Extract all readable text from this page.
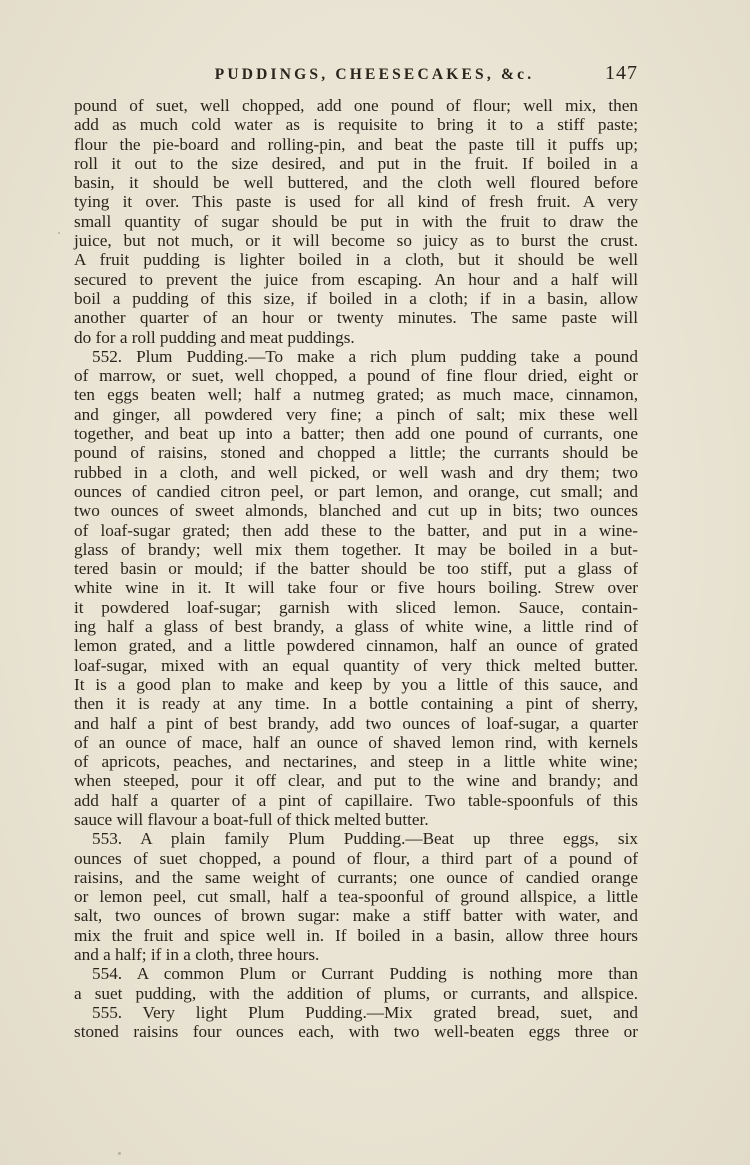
PUDDINGS, CHEESECAKES, &c.	147
pound of suet, well chopped, add one pound of flour; well mix, then
add as much cold water as is requisite to bring it to a stiff paste;
flour the pie-board and rolling-pin, and beat the paste till it puffs up;
roll it out to the size desired, and put in the fruit. If boiled in a
basin, it should be well buttered, and the cloth well floured before
tying it over. This paste is used for all kind of fresh fruit. A very
small quantity of sugar should be put in with the fruit to draw the
juice, but not much, or it will become so juicy as to burst the crust.
A fruit pudding is lighter boiled in a cloth, but it should be well
secured to prevent the juice from escaping. An hour and a half will
boil a pudding of this size, if boiled in a cloth; if in a basin, allow
another quarter of an hour or twenty minutes. The same paste will
do for a roll pudding and meat puddings.
552. Plum Pudding.—To make a rich plum pudding take a pound
of marrow, or suet, well chopped, a pound of fine flour dried, eight or
ten eggs beaten well; half a nutmeg grated; as much mace, cinnamon,
and ginger, all powdered very fine; a pinch of salt; mix these well
together, and beat up into a batter; then add one pound of currants, one
pound of raisins, stoned and chopped a little; the currants should be
rubbed in a cloth, and well picked, or well wash and dry them; two
ounces of candied citron peel, or part lemon, and orange, cut small; and
two ounces of sweet almonds, blanched and cut up in bits; two ounces
of loaf-sugar grated; then add these to the batter, and put in a wine-
glass of brandy; well mix them together. It may be boiled in a but-
tered basin or mould; if the batter should be too stiff, put a glass of
white wine in it. It will take four or five hours boiling. Strew over
it powdered loaf-sugar; garnish with sliced lemon. Sauce, contain-
ing half a glass of best brandy, a glass of white wine, a little rind of
lemon grated, and a little powdered cinnamon, half an ounce of grated
loaf-sugar, mixed with an equal quantity of very thick melted butter.
It is a good plan to make and keep by you a little of this sauce, and
then it is ready at any time. In a bottle containing a pint of sherry,
and half a pint of best brandy, add two ounces of loaf-sugar, a quarter
of an ounce of mace, half an ounce of shaved lemon rind, with kernels
of apricots, peaches, and nectarines, and steep in a little white wine;
when steeped, pour it off clear, and put to the wine and brandy; and
add half a quarter of a pint of capillaire. Two table-spoonfuls of this
sauce will flavour a boat-full of thick melted butter.
553. A plain family Plum Pudding.—Beat up three eggs, six
ounces of suet chopped, a pound of flour, a third part of a pound of
raisins, and the same weight of currants; one ounce of candied orange
or lemon peel, cut small, half a tea-spoonful of ground allspice, a little
salt, two ounces of brown sugar: make a stiff batter with water, and
mix the fruit and spice well in. If boiled in a basin, allow three hours
and a half; if in a cloth, three hours.
554. A common Plum or Currant Pudding is nothing more than
a suet pudding, with the addition of plums, or currants, and allspice.
555. Very light Plum Pudding.—Mix grated bread, suet, and
stoned raisins four ounces each, with two well-beaten eggs three or
